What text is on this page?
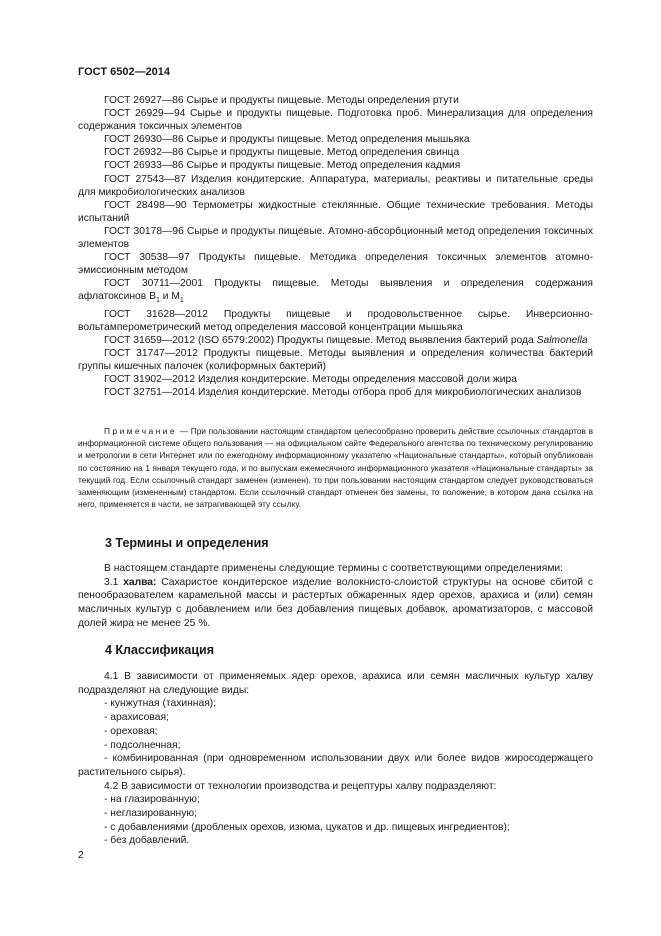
ГОСТ 6502—2014

ГОСТ 26927—86 Сырье и продукты пищевые. Методы определения ртути

ГОСТ 26929—94 Сырье и продукты пищевые. Подготовка проб. Минерализация для определения содержания токсичных элементов

ГОСТ 26930—86 Сырье и продукты пищевые. Метод определения мышьяка

ГОСТ 26932—86 Сырье и продукты пищевые. Метод определения свинца

ГОСТ 26933—86 Сырье и продукты пищевые. Метод определения кадмия

ГОСТ 27543—87 Изделия кондитерские. Аппаратура, материалы, реактивы и питательные среды для микробиологических анализов

ГОСТ 28498—90 Термометры жидкостные стеклянные. Общие технические требования. Методы испытаний

ГОСТ 30178—96 Сырье и продукты пищевые. Атомно-абсорбционный метод определения токсичных элементов

ГОСТ 30538—97 Продукты пищевые. Методика определения токсичных элементов атомно-эмиссионным методом

ГОСТ 30711—2001 Продукты пищевые. Методы выявления и определения содержания афлатоксинов $B_1$ и $M_1$

ГОСТ 31628—2012 Продукты пищевые и продовольственное сырье. Инверсионно-вольтамперометрический метод определения массовой концентрации мышьяка

ГОСТ 31659—2012 (ISO 6579:2002) Продукты пищевые. Метод выявления бактерий рода Salmonella

ГОСТ 31747—2012 Продукты пищевые. Методы выявления и определения количества бактерий группы кишечных палочек (колиформных бактерий)

ГОСТ 31902—2012 Изделия кондитерские. Методы определения массовой доли жира

ГОСТ 32751—2014 Изделия кондитерские. Методы отбора проб для микробиологических анализов

Примечание — При пользовании настоящим стандартом целесообразно проверить действие ссылочных стандартов в информационной системе общего пользования — на официальном сайте Федерального агентства по техническому регулированию и метрологии в сети Интернет или по ежегодному информационному указателю «Национальные стандарты», который опубликован по состоянию на 1 января текущего года, и по выпускам ежемесячного информационного указателя «Национальные стандарты» за текущий год. Если ссылочный стандарт заменен (изменен), то при пользовании настоящим стандартом следует руководствоваться заменяющим (измененным) стандартом. Если ссылочный стандарт отменен без замены, то положение, в котором дана ссылка на него, применяется в части, не затрагивающей эту ссылку.

3 Термины и определения

В настоящем стандарте применены следующие термины с соответствующими определениями:

3.1 халва: Сахаристое кондитерское изделие волокнисто-слоистой структуры на основе сбитой с пенообразователем карамельной массы и растертых обжаренных ядер орехов, арахиса и (или) семян масличных культур с добавлением или без добавления пищевых добавок, ароматизаторов, с массовой долей жира не менее 25 %.

4 Классификация

4.1 В зависимости от применяемых ядер орехов, арахиса или семян масличных культур халву подразделяют на следующие виды:

- кунжутная (тахинная);

- арахисовая;

- ореховая;

- подсолнечная;

- комбинированная (при одновременном использовании двух или более видов жиросодержащего растительного сырья).

4.2 В зависимости от технологии производства и рецептуры халву подразделяют:

- на глазированную;

- неглазированную;

- с добавлениями (дробленых орехов, изюма, цукатов и др. пищевых ингредиентов);

- без добавлений.

2
